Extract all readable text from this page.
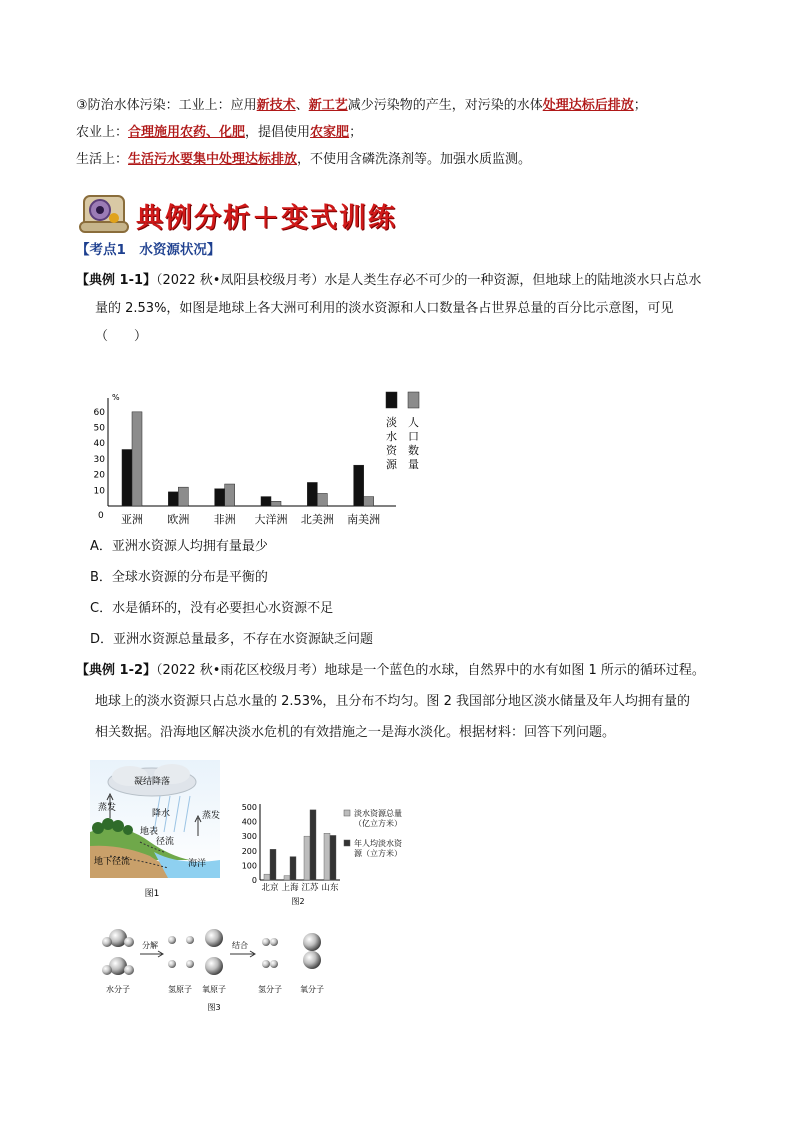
③防治水体污染：工业上：应用新技术、新工艺减少污染物的产生，对污染的水体处理达标后排放；
农业上：合理施用农药、化肥，提倡使用农家肥；
生活上：生活污水要集中处理达标排放，不使用含磷洗涤剂等。加强水质监测。
典例分析＋变式训练
【考点1　水资源状况】
【典例 1-1】（2022 秋•凤阳县校级月考）水是人类生存必不可少的一种资源，但地球上的陆地淡水只占总水
量的 2.53%，如图是地球上各大洲可利用的淡水资源和人口数量各占世界总量的百分比示意图，可见
（　　）
%
0
10
20
30
40
50
60
亚洲 欧洲 非洲 大洋洲 北美洲 南美洲
淡水资源
人口数量
A．亚洲水资源人均拥有量最少
B．全球水资源的分布是平衡的
C．水是循环的，没有必要担心水资源不足
D．亚洲水资源总量最多，不存在水资源缺乏问题
【典例 1-2】（2022 秋•雨花区校级月考）地球是一个蓝色的水球，自然界中的水有如图 1 所示的循环过程。
地球上的淡水资源只占总水量的 2.53%，且分布不均匀。图 2 我国部分地区淡水储量及年人均拥有量的
相关数据。沿海地区解决淡水危机的有效措施之一是海水淡化。根据材料：回答下列问题。
凝结降落
蒸发
降水	蒸发
地表
径流
地下径流	海洋
图1
0
100
200
300
400
500
北京 上海 江苏 山东
淡水资源总量（亿立方米）
年人均淡水资源（立方米）
图2
分解	结合
水分子	氢原子 氧原子	氢分子 氧分子
图3
